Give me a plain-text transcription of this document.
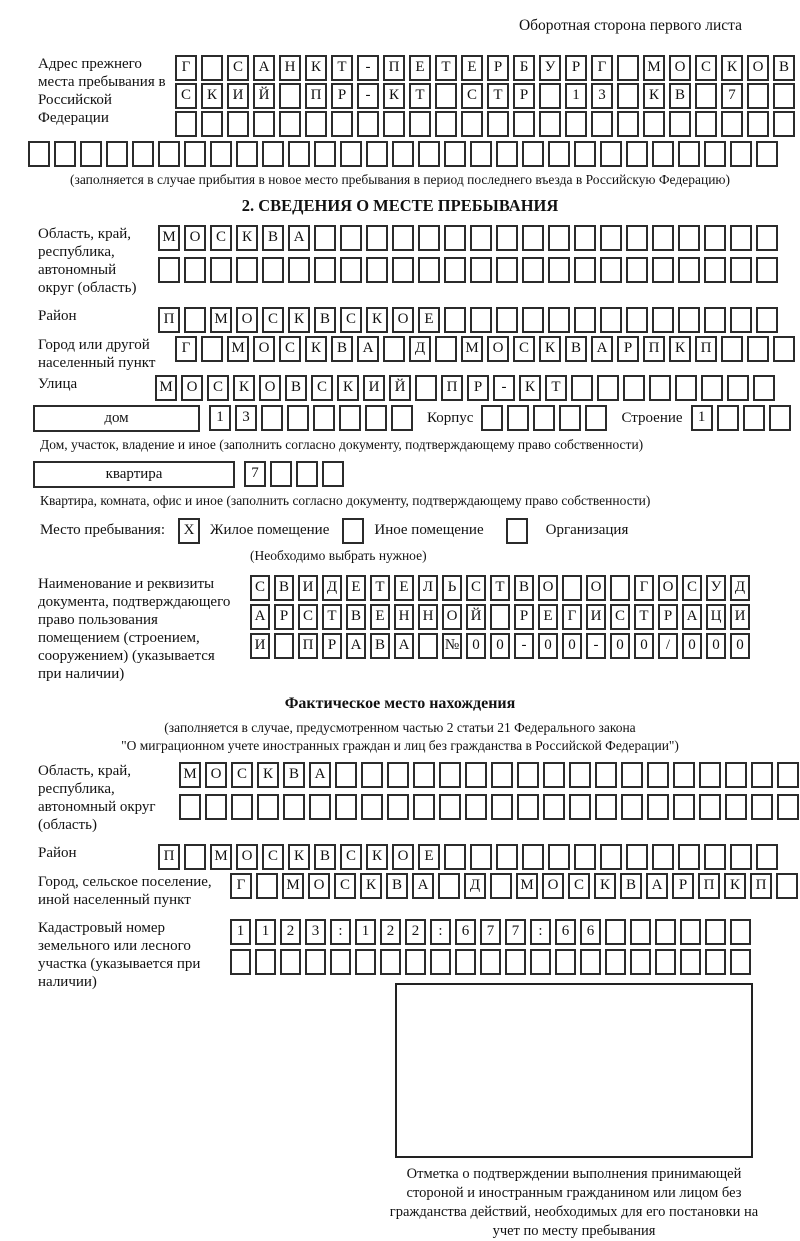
Оборотная сторона первого листа
Адрес прежнего места пребывания в Российской Федерации
Г	С	А	Н	К	Т	-	П	Е	Т	Е	Р	Б	У	Р	Г	М О	С	К	О	В
С	К	И	Й	П	Р	-	К	Т	С	Т	Р	1	3	К	В	7
(заполняется в случае прибытия в новое место пребывания в период последнего въезда в Российскую Федерацию)
2. СВЕДЕНИЯ О МЕСТЕ ПРЕБЫВАНИЯ
Область, край, республика, автономный округ (область)
М О	С	К	В	А
Район	П	М О	С	К	В	С	К	О	Е
Город или другой населенный пункт
Г	М О	С	К	В	А	Д	М О	С	К	В	А	Р	П	К	П
Улица	М О	С	К	О	В	С	К	И	Й	П	Р	-	К	Т
дом	1	3	Корпус	Строение	1
Дом, участок, владение и иное (заполнить согласно документу, подтверждающему право собственности)
квартира	7
Квартира, комната, офис и иное (заполнить согласно документу, подтверждающему право собственности)
Место пребывания:	X	Жилое помещение	Иное помещение	Организация
(Необходимо выбрать нужное)
Наименование и реквизиты документа, подтверждающего право пользования помещением (строением, сооружением) (указывается при наличии)
С В И Д Е Т Е Л Ь С Т В О	О	Г О С У Д
А Р С Т В Е Н Н О Й	Р	Е	Г И С Т	Р А Ц И
И	П Р А В А	№ 0	0	-	0	0	-	0	0	/	0	0	0
Фактическое место нахождения
(заполняется в случае, предусмотренном частью 2 статьи 21 Федерального закона
"О миграционном учете иностранных граждан и лиц без гражданства в Российской Федерации")
Область, край, республика, автономный округ (область)
М О	С	К	В	А
Район	П	М О	С	К	В	С	К	О	Е
Город, сельское поселение, иной населенный пункт
Г	М О	С	К	В	А	Д	М О	С	К	В	А	Р	П	К	П
Кадастровый номер земельного или лесного участка (указывается при наличии)
1	1	2	3	:	1	2	2	:	6	7	7	:	6	6
Отметка о подтверждении выполнения принимающей стороной и иностранным гражданином или лицом без гражданства действий, необходимых для его постановки на учет по месту пребывания
